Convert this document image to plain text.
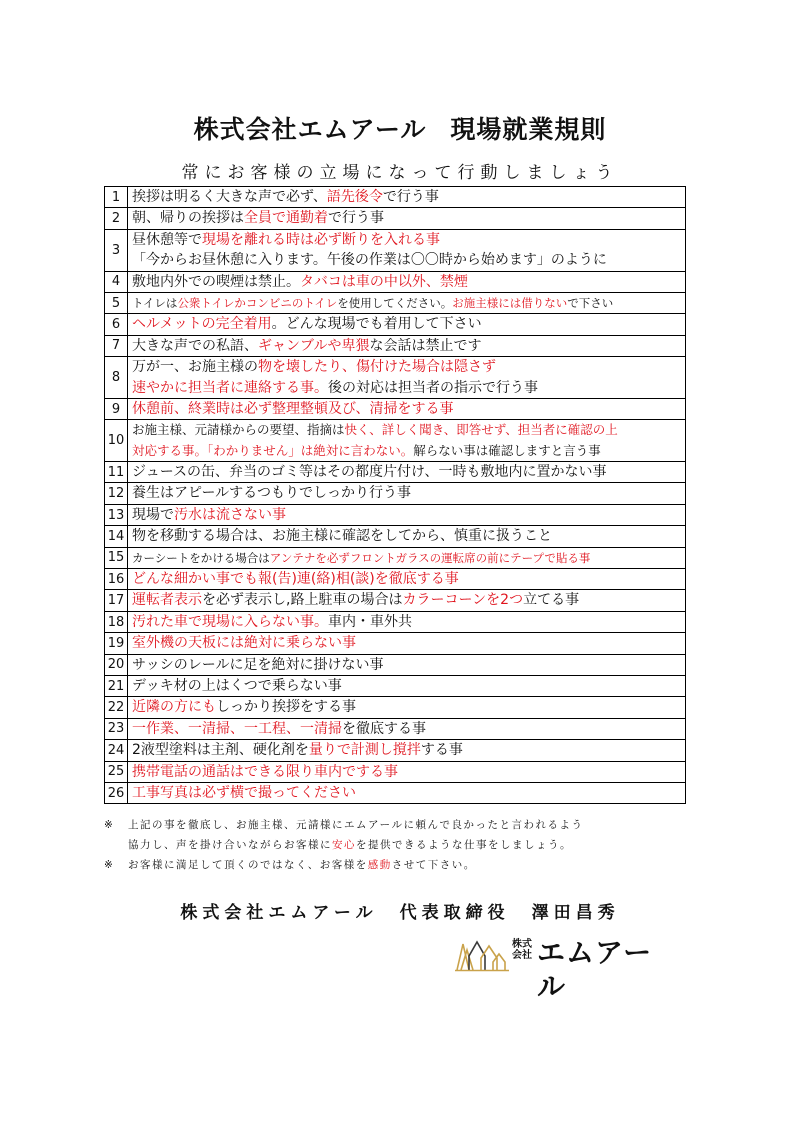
株式会社エムアール 現場就業規則
常にお客様の立場になって行動しましょう
1	挨拶は明るく大きな声で必ず、語先後令で行う事

2	朝、帰りの挨拶は全員で通勤着で行う事

3	昼休憩等で現場を離れる時は必ず断りを入れる事
「今からお昼休憩に入ります。午後の作業は〇〇時から始めます」のように

4	敷地内外での喫煙は禁止。タバコは車の中以外、禁煙

5	トイレは公衆トイレかコンビニのトイレを使用してください。お施主様には借りないで下さい

6	ヘルメットの完全着用。どんな現場でも着用して下さい

7	大きな声での私語、ギャンブルや卑猥な会話は禁止です

8	万が一、お施主様の物を壊したり、傷付けた場合は隠さず
速やかに担当者に連絡する事。後の対応は担当者の指示で行う事

9	休憩前、終業時は必ず整理整頓及び、清掃をする事

10	お施主様、元請様からの要望、指摘は快く、詳しく聞き、即答せず、担当者に確認の上
対応する事。「わかりません」は絶対に言わない。解らない事は確認しますと言う事

11	ジュースの缶、弁当のゴミ等はその都度片付け、一時も敷地内に置かない事

12	養生はアピールするつもりでしっかり行う事

13	現場で汚水は流さない事

14	物を移動する場合は、お施主様に確認をしてから、慎重に扱うこと

15	カーシートをかける場合はアンテナを必ずフロントガラスの運転席の前にテープで貼る事

16	どんな細かい事でも報(告)連(絡)相(談)を徹底する事

17	運転者表示を必ず表示し,路上駐車の場合はカラーコーンを2つ立てる事

18	汚れた車で現場に入らない事。車内・車外共

19	室外機の天板には絶対に乗らない事

20	サッシのレールに足を絶対に掛けない事

21	デッキ材の上はくつで乗らない事

22	近隣の方にもしっかり挨拶をする事

23	一作業、一清掃、一工程、一清掃を徹底する事

24	2液型塗料は主剤、硬化剤を量りで計測し撹拌する事

25	携帯電話の通話はできる限り車内でする事

26	工事写真は必ず横で撮ってください
※	上記の事を徹底し、お施主様、元請様にエムアールに頼んで良かったと言われるよう
協力し、声を掛け合いながらお客様に安心を提供できるような仕事をしましょう。
※	お客様に満足して頂くのではなく、お客様を感動させて下さい。
株式会社エムアール　代表取締役　澤田昌秀
株式
会社 エムアール
